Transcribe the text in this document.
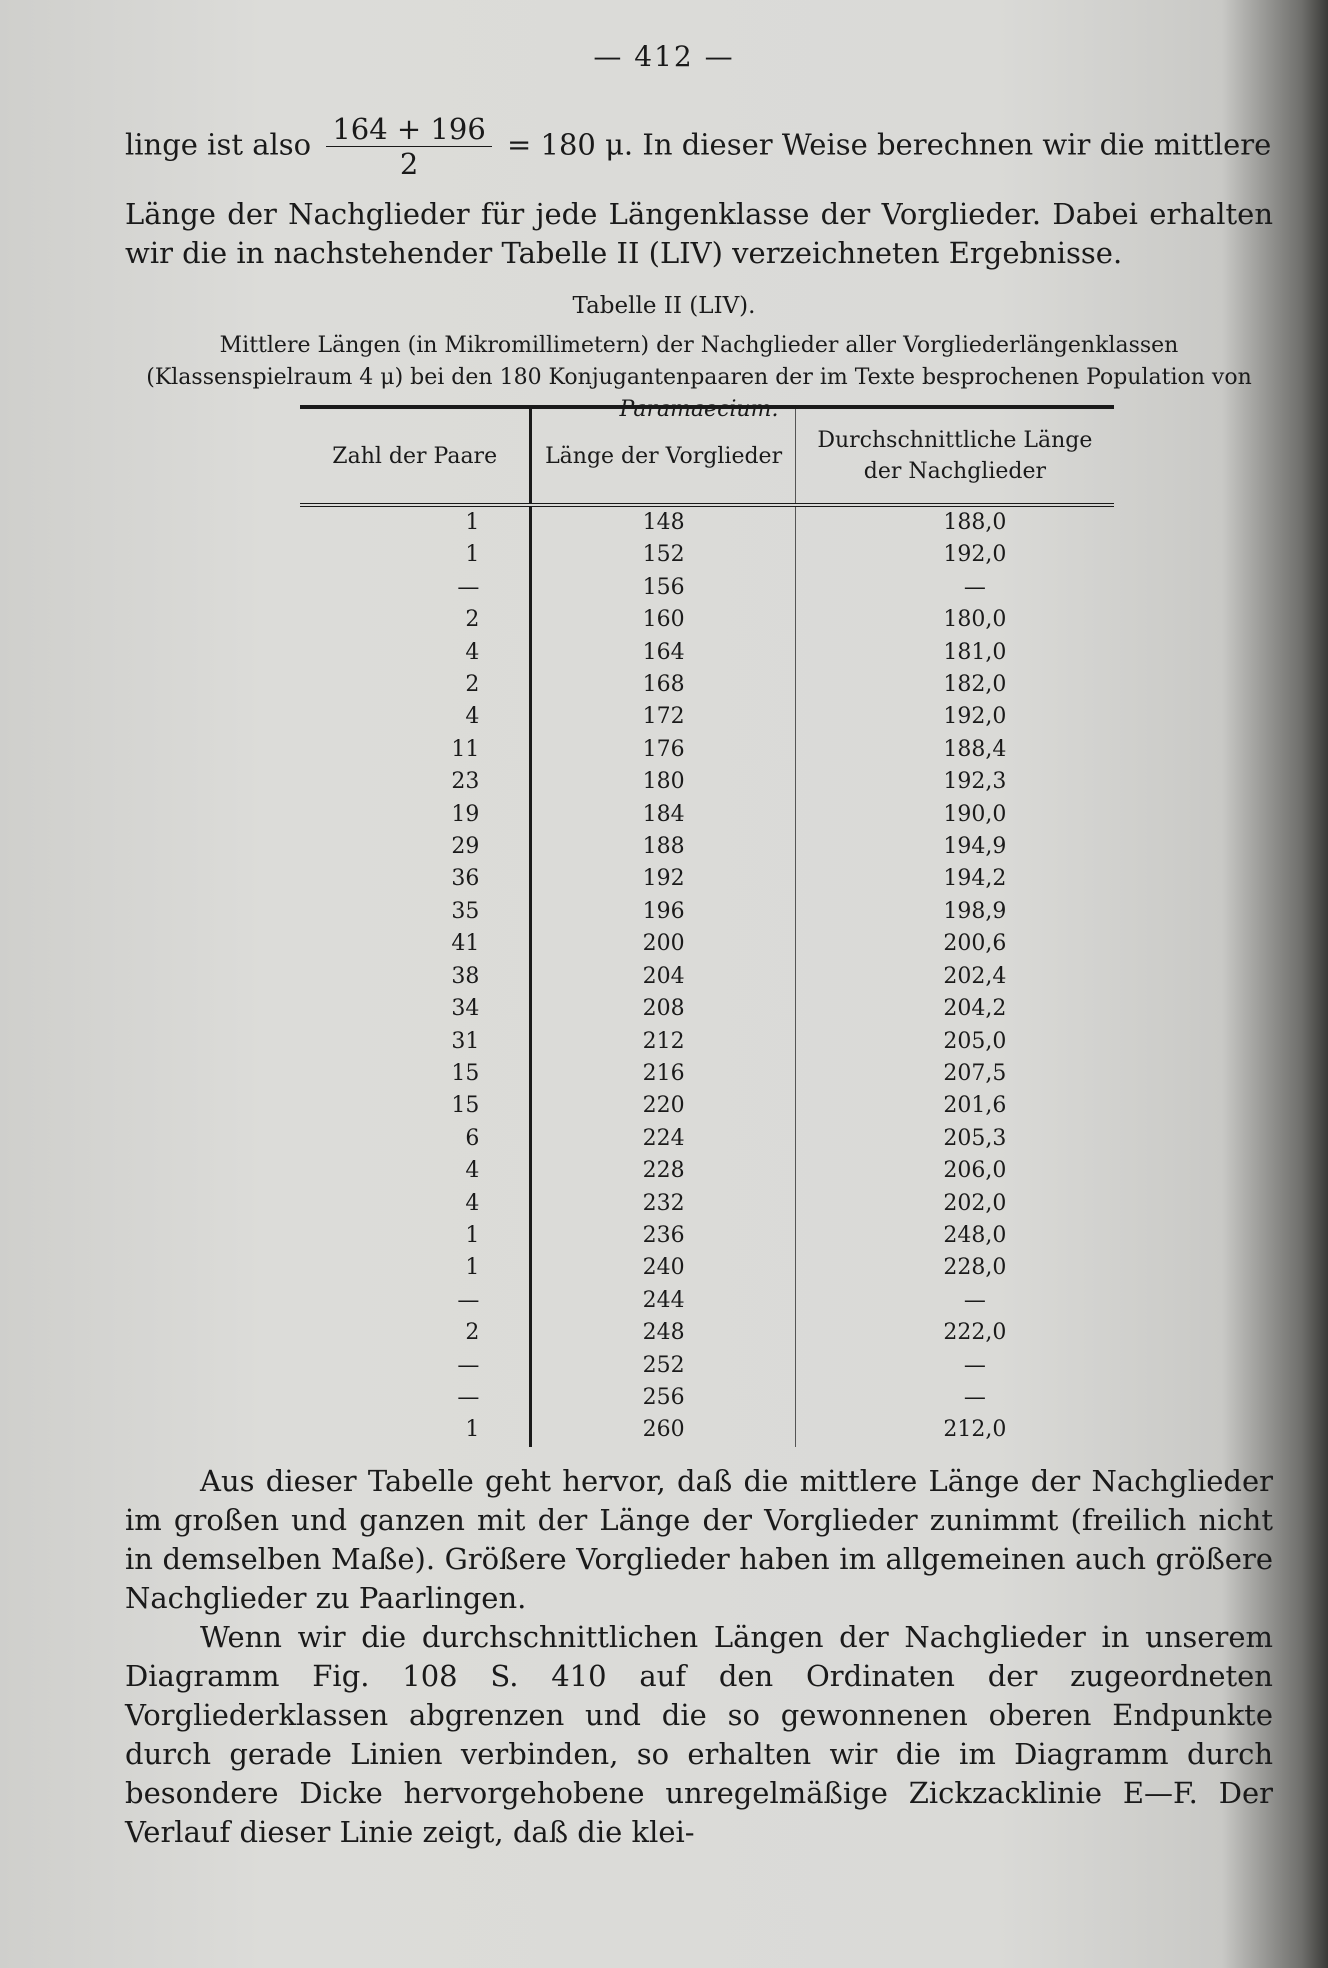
— 412 —
linge ist also $\frac{164 + 196}{2} = 180$ μ. In dieser Weise berechnen wir die mittlere
Länge der Nachglieder für jede Längenklasse der Vorglieder. Dabei erhalten wir die in nachstehender Tabelle II (LIV) verzeichneten Ergebnisse.
Tabelle II (LIV).
Mittlere Längen (in Mikromillimetern) der Nachglieder aller Vorgliederlängenklassen (Klassenspielraum 4 μ) bei den 180 Konjugantenpaaren der im Texte besprochenen Population von Paramaecium.
Zahl der Paare	Länge der Vorglieder	Durchschnittliche Länge der Nachglieder
1	148	188,0
1	152	192,0
—	156	—
2	160	180,0
4	164	181,0
2	168	182,0
4	172	192,0
11	176	188,4
23	180	192,3
19	184	190,0
29	188	194,9
36	192	194,2
35	196	198,9
41	200	200,6
38	204	202,4
34	208	204,2
31	212	205,0
15	216	207,5
15	220	201,6
6	224	205,3
4	228	206,0
4	232	202,0
1	236	248,0
1	240	228,0
—	244	—
2	248	222,0
—	252	—
—	256	—
1	260	212,0
Aus dieser Tabelle geht hervor, daß die mittlere Länge der Nachglieder im großen und ganzen mit der Länge der Vorglieder zunimmt (freilich nicht in demselben Maße). Größere Vorglieder haben im allgemeinen auch größere Nachglieder zu Paarlingen.
Wenn wir die durchschnittlichen Längen der Nachglieder in unserem Diagramm Fig. 108 S. 410 auf den Ordinaten der zugeordneten Vorgliederklassen abgrenzen und die so gewonnenen oberen Endpunkte durch gerade Linien verbinden, so erhalten wir die im Diagramm durch besondere Dicke hervorgehobene unregelmäßige Zickzacklinie E—F. Der Verlauf dieser Linie zeigt, daß die klei-
